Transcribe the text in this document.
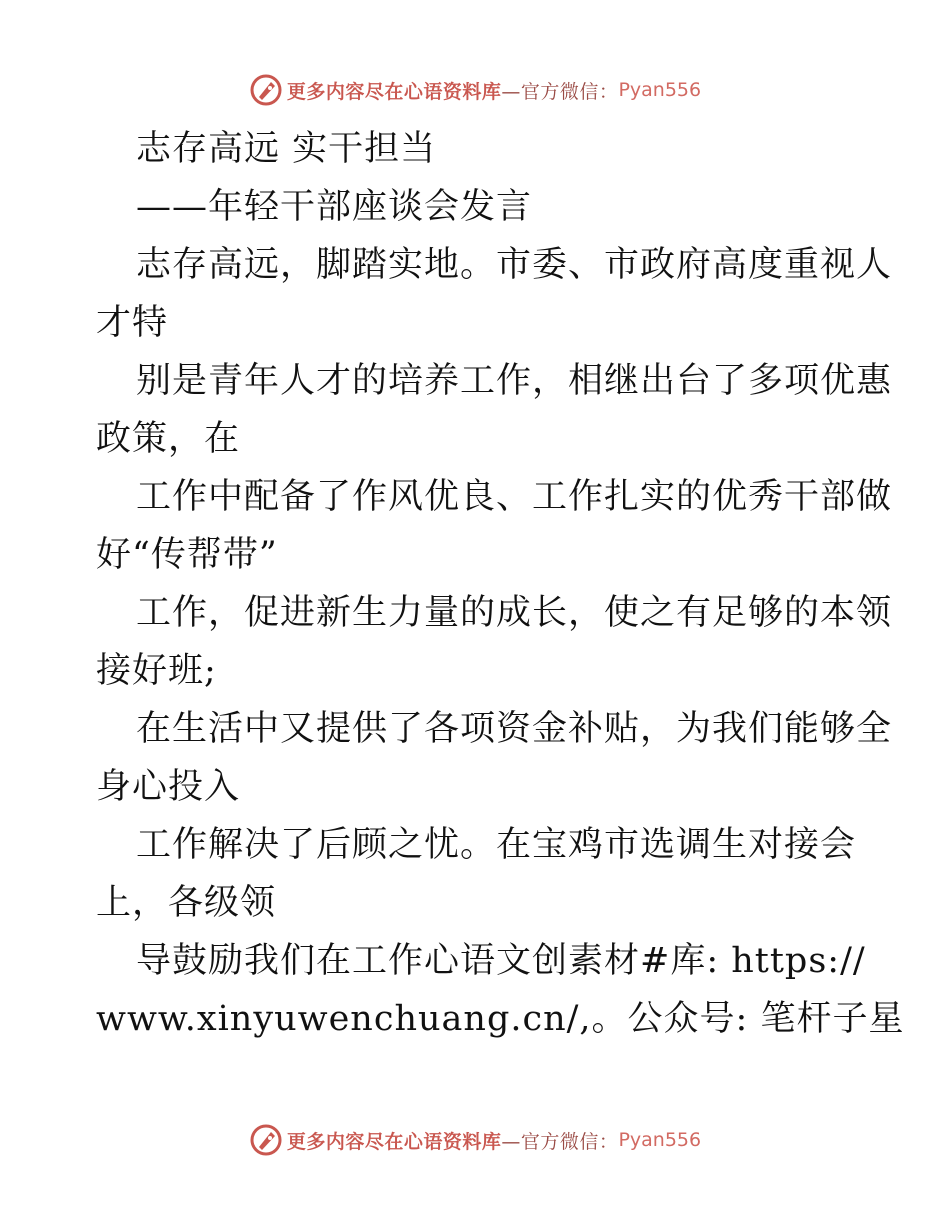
更多内容尽在心语资料库 —官方微信： Pyan556
志存高远 实干担当
——年轻干部座谈会发言
志存高远，脚踏实地。市委、市政府高度重视人
才特
别是青年人才的培养工作，相继出台了多项优惠
政策，在
工作中配备了作风优良、工作扎实的优秀干部做
好“传帮带”
工作，促进新生力量的成长，使之有足够的本领
接好班;
在生活中又提供了各项资金补贴，为我们能够全
身心投入
工作解决了后顾之忧。在宝鸡市选调生对接会
上，各级领
导鼓励我们在工作心语文创素材#库: https://
www.xinyuwenchuang.cn/,。公众号: 笔杆子星
更多内容尽在心语资料库 —官方微信： Pyan556
